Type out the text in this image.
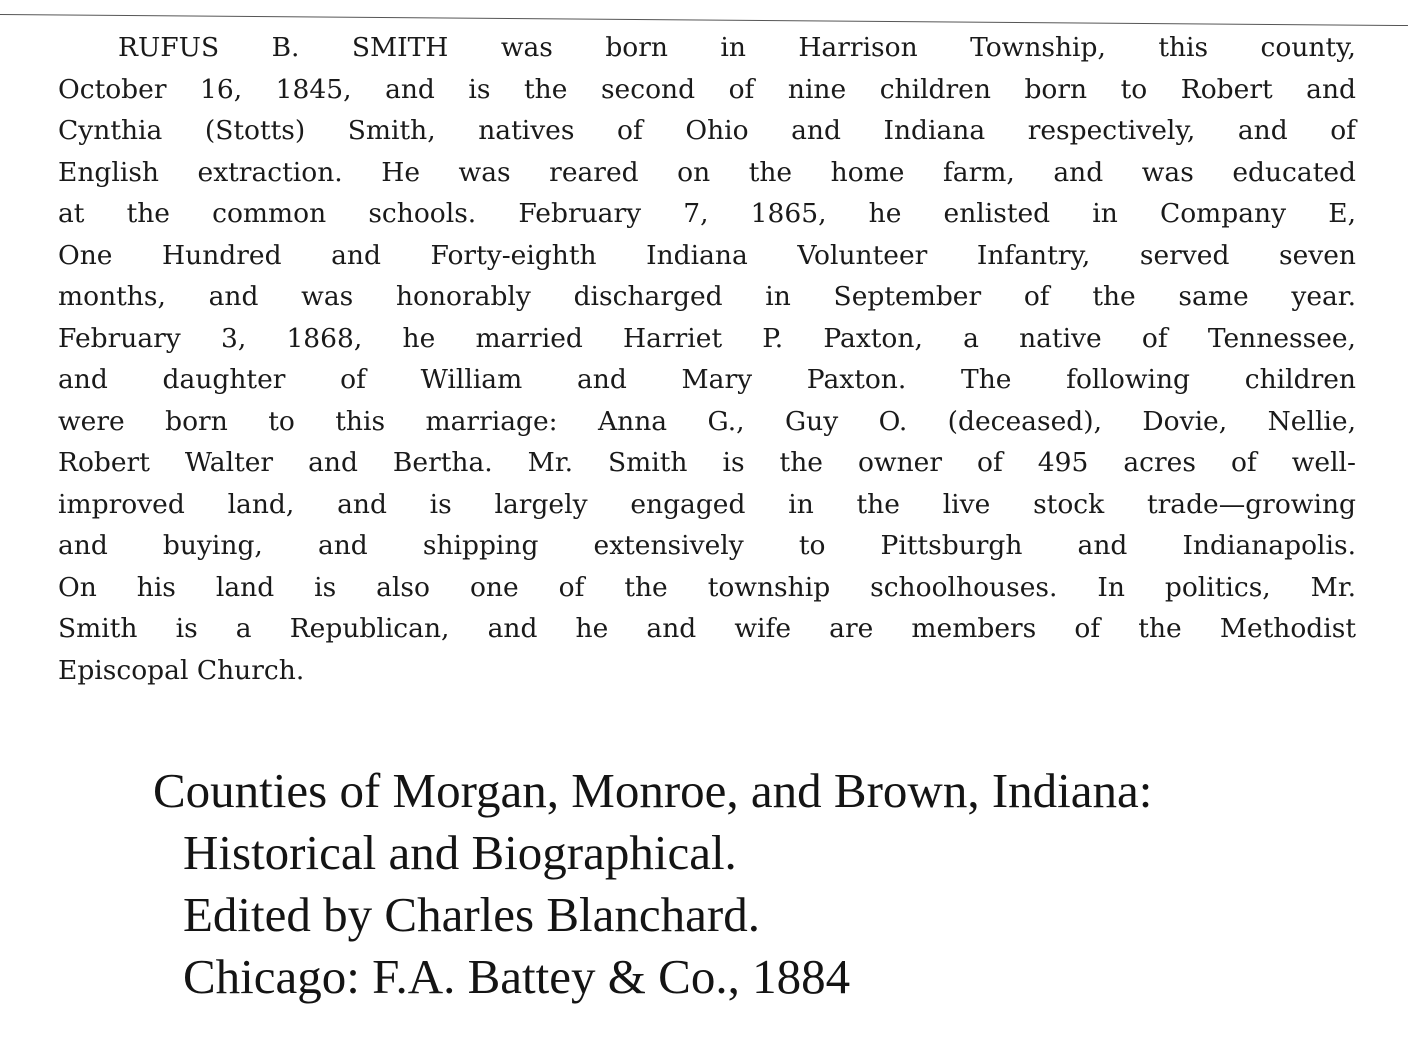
RUFUS B. SMITH was born in Harrison Township, this county,
October 16, 1845, and is the second of nine children born to Robert and
Cynthia (Stotts) Smith, natives of Ohio and Indiana respectively, and of
English extraction. He was reared on the home farm, and was educated
at the common schools. February 7, 1865, he enlisted in Company E,
One Hundred and Forty-eighth Indiana Volunteer Infantry, served seven
months, and was honorably discharged in September of the same year.
February 3, 1868, he married Harriet P. Paxton, a native of Tennessee,
and daughter of William and Mary Paxton. The following children
were born to this marriage: Anna G., Guy O. (deceased), Dovie, Nellie,
Robert Walter and Bertha. Mr. Smith is the owner of 495 acres of well-
improved land, and is largely engaged in the live stock trade—growing
and buying, and shipping extensively to Pittsburgh and Indianapolis.
On his land is also one of the township schoolhouses. In politics, Mr.
Smith is a Republican, and he and wife are members of the Methodist
Episcopal Church.
Counties of Morgan, Monroe, and Brown, Indiana:
Historical and Biographical.
Edited by Charles Blanchard.
Chicago: F.A. Battey & Co., 1884
